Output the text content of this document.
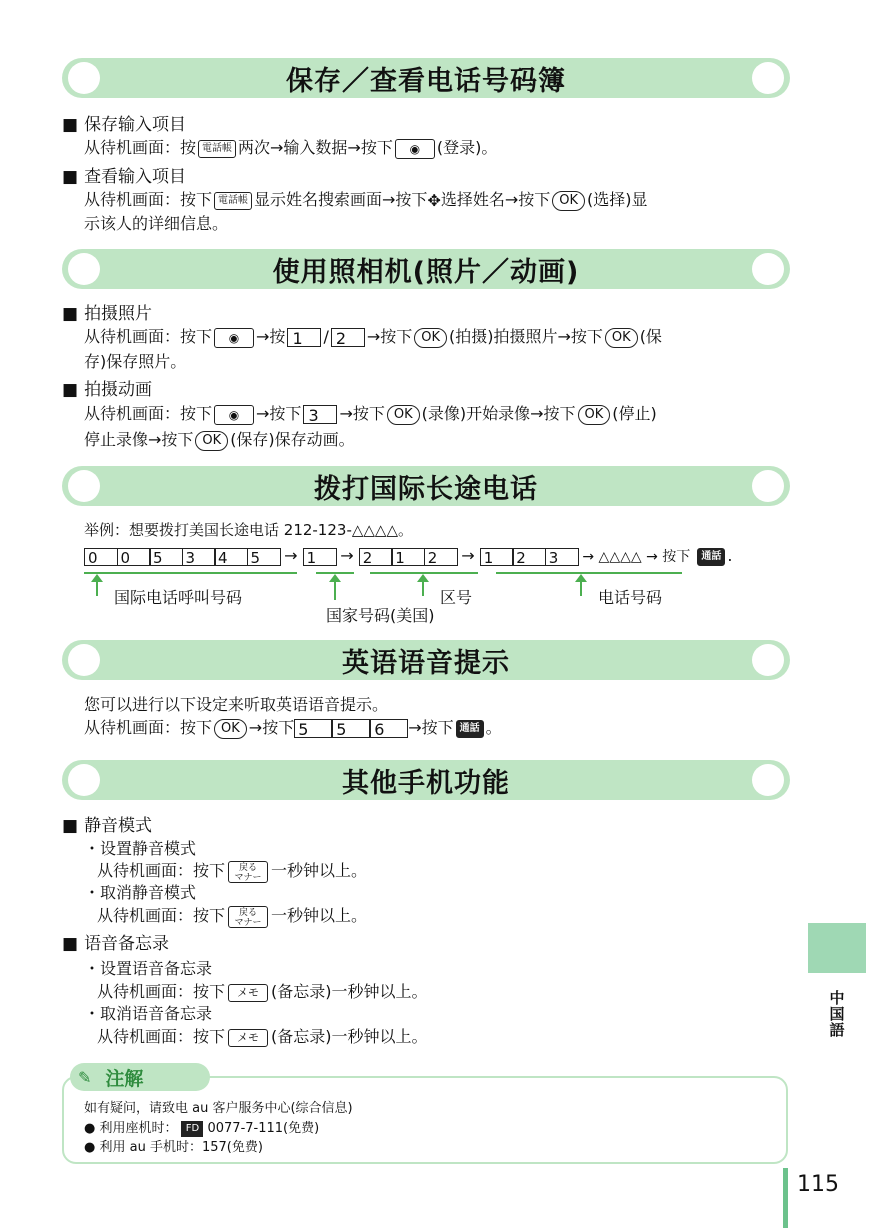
保存／查看电话号码簿
■ 保存输入项目
从待机画面：按 電話帳 两次→输入数据→按下 ◉ (登录)。
■ 查看输入项目
从待机画面：按下 電話帳 显示姓名搜索画面→按下✥选择姓名→按下 OK (选择)显
示该人的详细信息。
使用照相机(照片／动画)
■ 拍摄照片
从待机画面：按下 ◉ →按 1 / 2 →按下 OK (拍摄)拍摄照片→按下 OK (保
存)保存照片。
■ 拍摄动画
从待机画面：按下 ◉ →按下 3 →按下 OK (录像)开始录像→按下 OK (停止)
停止录像→按下 OK (保存)保存动画。
拨打国际长途电话
举例：想要拨打美国长途电话 212-123-△△△△。
0 0 5 3 4 5 → 1 → 2 1 2 → 1 2 3 → △△△△ → 按下 通話 .
国际电话呼叫号码
国家号码(美国)
区号	电话号码
英语语音提示
您可以进行以下设定来听取英语语音提示。
从待机画面：按下 OK →按下 5 5 6 →按下 通話 。
其他手机功能
■ 静音模式
・ 设置静音模式
从待机画面：按下 戻る
マナー 一秒钟以上。
・ 取消静音模式
从待机画面：按下 戻る
マナー 一秒钟以上。
■ 语音备忘录
・ 设置语音备忘录
从待机画面：按下 メモ (备忘录)一秒钟以上。
・ 取消语音备忘录
从待机画面：按下 メモ (备忘录)一秒钟以上。
✎ 注解
如有疑问，请致电 au 客户服务中心(综合信息)
● 利用座机时： FD 0077-7-111(免费)
● 利用 au 手机时：157(免费)
中国語
115
